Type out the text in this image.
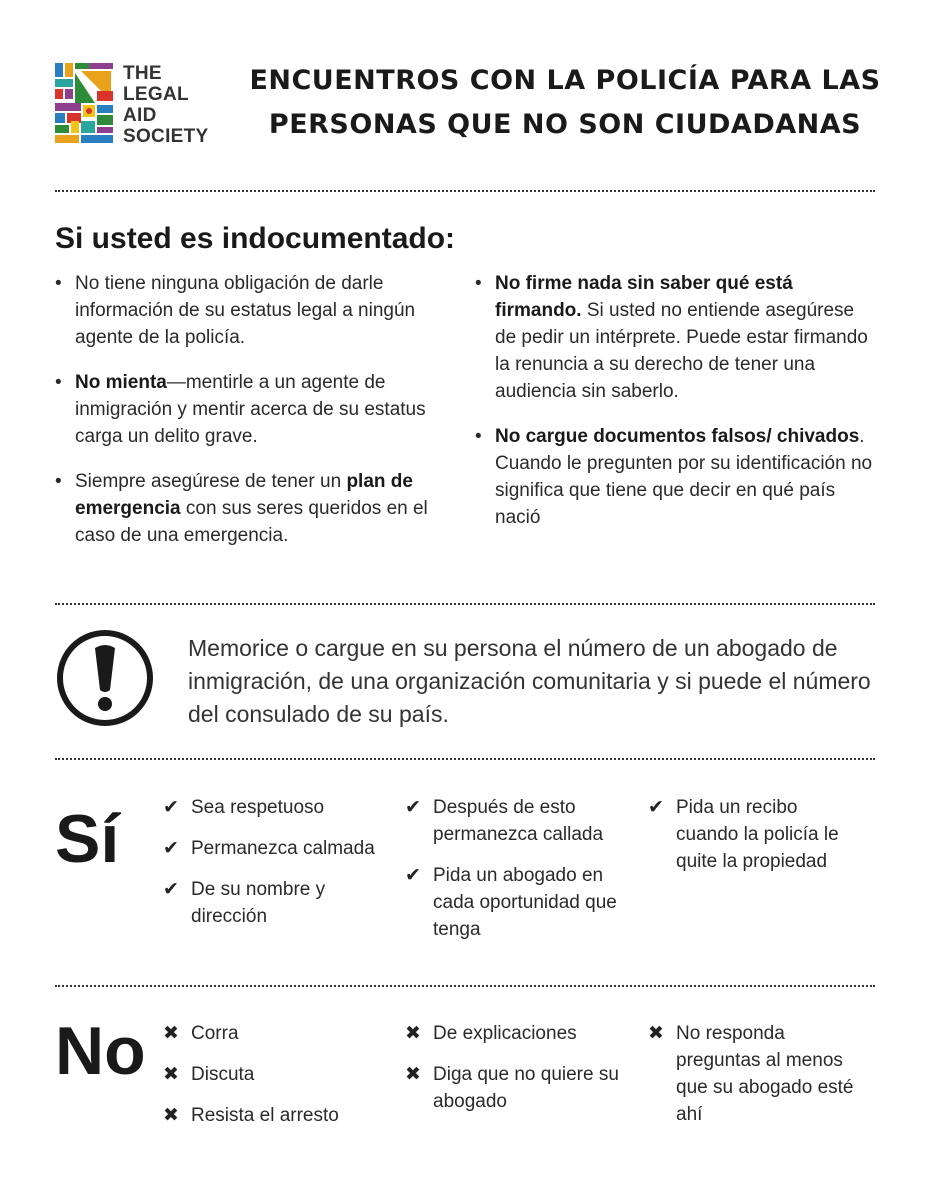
THE
LEGAL
AID
SOCIETY
ENCUENTROS CON LA POLICÍA PARA LAS
PERSONAS QUE NO SON CIUDADANAS
Si usted es indocumentado:
• No tiene ninguna obligación de darle información de su estatus legal a ningún agente de la policía.
• No mienta—mentirle a un agente de inmigración y mentir acerca de su estatus carga un delito grave.
• Siempre asegúrese de tener un plan de emergencia con sus seres queridos en el caso de una emergencia.
• No firme nada sin saber qué está firmando. Si usted no entiende asegúrese de pedir un intérprete. Puede estar firmando la renuncia a su derecho de tener una audiencia sin saberlo.
• No cargue documentos falsos/ chivados. Cuando le pregunten por su identificación no significa que tiene que decir en qué país nació
Memorice o cargue en su persona el número de un abogado de inmigración, de una organización comunitaria y si puede el número del consulado de su país.
Sí ✔ Sea respetuoso
✔ Permanezca calmada
✔ De su nombre y dirección
✔ Después de esto permanezca callada
✔ Pida un abogado en cada oportunidad que tenga
✔ Pida un recibo cuando la policía le quite la propiedad
No ✖ Corra
✖ Discuta
✖ Resista el arresto
✖ De explicaciones
✖ Diga que no quiere su abogado
✖ No responda preguntas al menos que su abogado esté ahí
